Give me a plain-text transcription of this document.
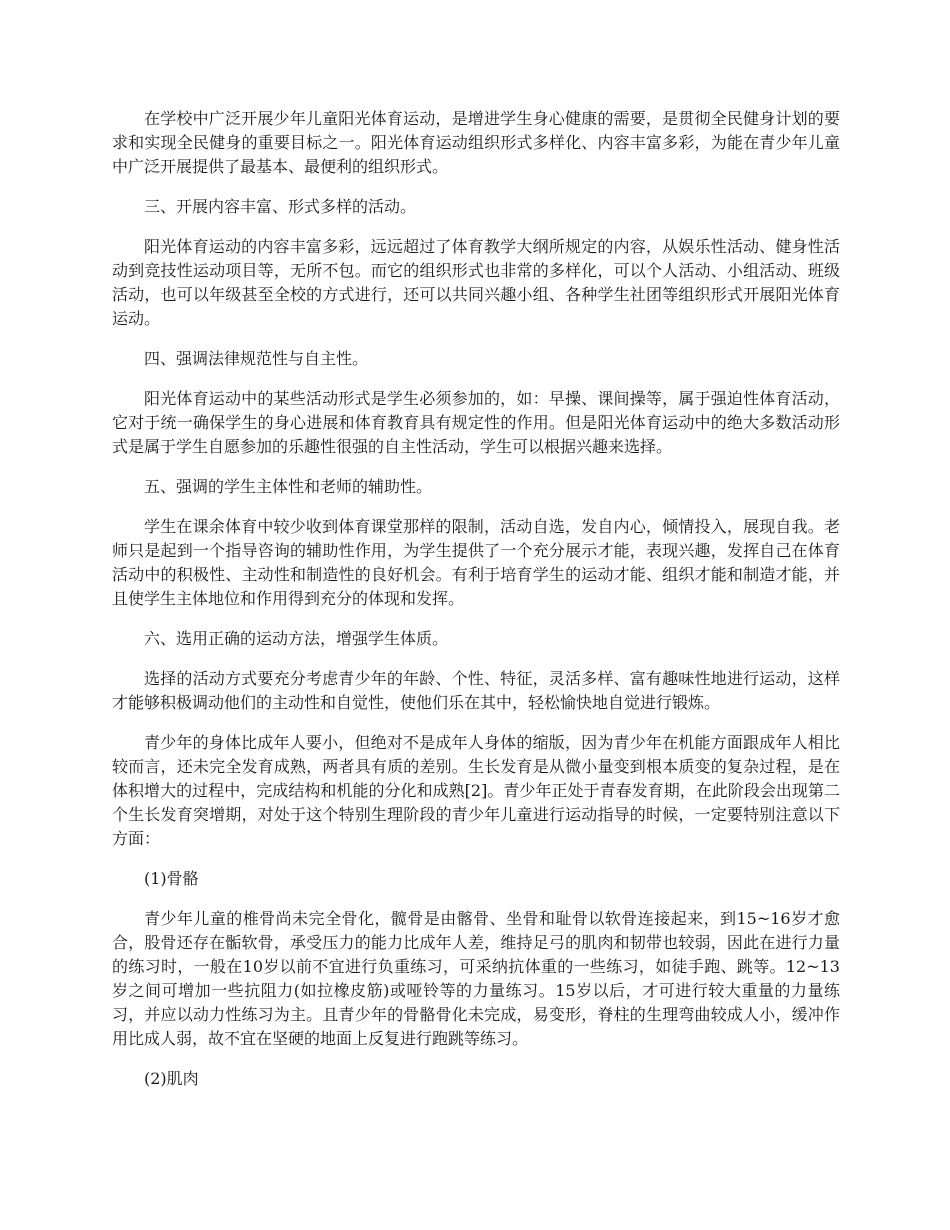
在学校中广泛开展少年儿童阳光体育运动，是增进学生身心健康的需要，是贯彻全民健身计划的要求和实现全民健身的重要目标之一。阳光体育运动组织形式多样化、内容丰富多彩，为能在青少年儿童中广泛开展提供了最基本、最便利的组织形式。

三、开展内容丰富、形式多样的活动。

阳光体育运动的内容丰富多彩，远远超过了体育教学大纲所规定的内容，从娱乐性活动、健身性活动到竞技性运动项目等，无所不包。而它的组织形式也非常的多样化，可以个人活动、小组活动、班级活动，也可以年级甚至全校的方式进行，还可以共同兴趣小组、各种学生社团等组织形式开展阳光体育运动。

四、强调法律规范性与自主性。

阳光体育运动中的某些活动形式是学生必须参加的，如：早操、课间操等，属于强迫性体育活动，它对于统一确保学生的身心进展和体育教育具有规定性的作用。但是阳光体育运动中的绝大多数活动形式是属于学生自愿参加的乐趣性很强的自主性活动，学生可以根据兴趣来选择。

五、强调的学生主体性和老师的辅助性。

学生在课余体育中较少收到体育课堂那样的限制，活动自选，发自内心，倾情投入，展现自我。老师只是起到一个指导咨询的辅助性作用，为学生提供了一个充分展示才能，表现兴趣，发挥自己在体育活动中的积极性、主动性和制造性的良好机会。有利于培育学生的运动才能、组织才能和制造才能，并且使学生主体地位和作用得到充分的体现和发挥。

六、选用正确的运动方法，增强学生体质。

选择的活动方式要充分考虑青少年的年龄、个性、特征，灵活多样、富有趣味性地进行运动，这样才能够积极调动他们的主动性和自觉性，使他们乐在其中，轻松愉快地自觉进行锻炼。

青少年的身体比成年人要小，但绝对不是成年人身体的缩版，因为青少年在机能方面跟成年人相比较而言，还未完全发育成熟，两者具有质的差别。生长发育是从微小量变到根本质变的复杂过程，是在体积增大的过程中，完成结构和机能的分化和成熟[2]。青少年正处于青春发育期，在此阶段会出现第二个生长发育突增期，对处于这个特别生理阶段的青少年儿童进行运动指导的时候，一定要特别注意以下方面：

(1)骨骼

青少年儿童的椎骨尚未完全骨化，髋骨是由髂骨、坐骨和耻骨以软骨连接起来，到15~16岁才愈合，股骨还存在骺软骨，承受压力的能力比成年人差，维持足弓的肌肉和韧带也较弱，因此在进行力量的练习时，一般在10岁以前不宜进行负重练习，可采纳抗体重的一些练习，如徒手跑、跳等。12~13岁之间可增加一些抗阻力(如拉橡皮筋)或哑铃等的力量练习。15岁以后，才可进行较大重量的力量练习，并应以动力性练习为主。且青少年的骨骼骨化未完成，易变形，脊柱的生理弯曲较成人小，缓冲作用比成人弱，故不宜在坚硬的地面上反复进行跑跳等练习。

(2)肌肉
